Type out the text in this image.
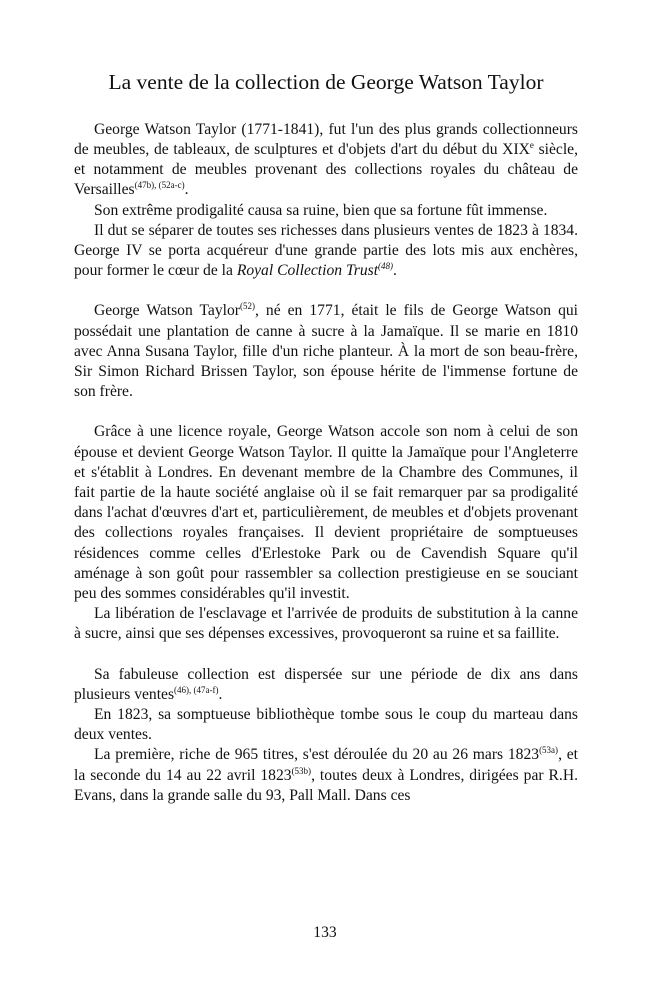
La vente de la collection de George Watson Taylor

George Watson Taylor (1771-1841), fut l'un des plus grands collectionneurs de meubles, de tableaux, de sculptures et d'objets d'art du début du XIXe siècle, et notamment de meubles provenant des collections royales du château de Versailles$^{(47b), (52a-c)}$.

Son extrême prodigalité causa sa ruine, bien que sa fortune fût immense.

Il dut se séparer de toutes ses richesses dans plusieurs ventes de 1823 à 1834. George IV se porta acquéreur d'une grande partie des lots mis aux enchères, pour former le cœur de la Royal Collection Trust$^{(48)}$.

George Watson Taylor$^{(52)}$, né en 1771, était le fils de George Watson qui possédait une plantation de canne à sucre à la Jamaïque. Il se marie en 1810 avec Anna Susana Taylor, fille d'un riche planteur. À la mort de son beau-frère, Sir Simon Richard Brissen Taylor, son épouse hérite de l'immense fortune de son frère.

Grâce à une licence royale, George Watson accole son nom à celui de son épouse et devient George Watson Taylor. Il quitte la Jamaïque pour l'Angleterre et s'établit à Londres. En devenant membre de la Chambre des Communes, il fait partie de la haute société anglaise où il se fait remarquer par sa prodigalité dans l'achat d'œuvres d'art et, particulièrement, de meubles et d'objets provenant des collections royales françaises. Il devient propriétaire de somptueuses résidences comme celles d'Erlestoke Park ou de Cavendish Square qu'il aménage à son goût pour rassembler sa collection prestigieuse en se souciant peu des sommes considérables qu'il investit.

La libération de l'esclavage et l'arrivée de produits de substitution à la canne à sucre, ainsi que ses dépenses excessives, provoqueront sa ruine et sa faillite.

Sa fabuleuse collection est dispersée sur une période de dix ans dans plusieurs ventes$^{(46), (47a-f)}$.

En 1823, sa somptueuse bibliothèque tombe sous le coup du marteau dans deux ventes.

La première, riche de 965 titres, s'est déroulée du 20 au 26 mars $1823^{(53a)}$, et la seconde du 14 au 22 avril $1823^{(53b)}$, toutes deux à Londres, dirigées par R.H. Evans, dans la grande salle du 93, Pall Mall. Dans ces

133
